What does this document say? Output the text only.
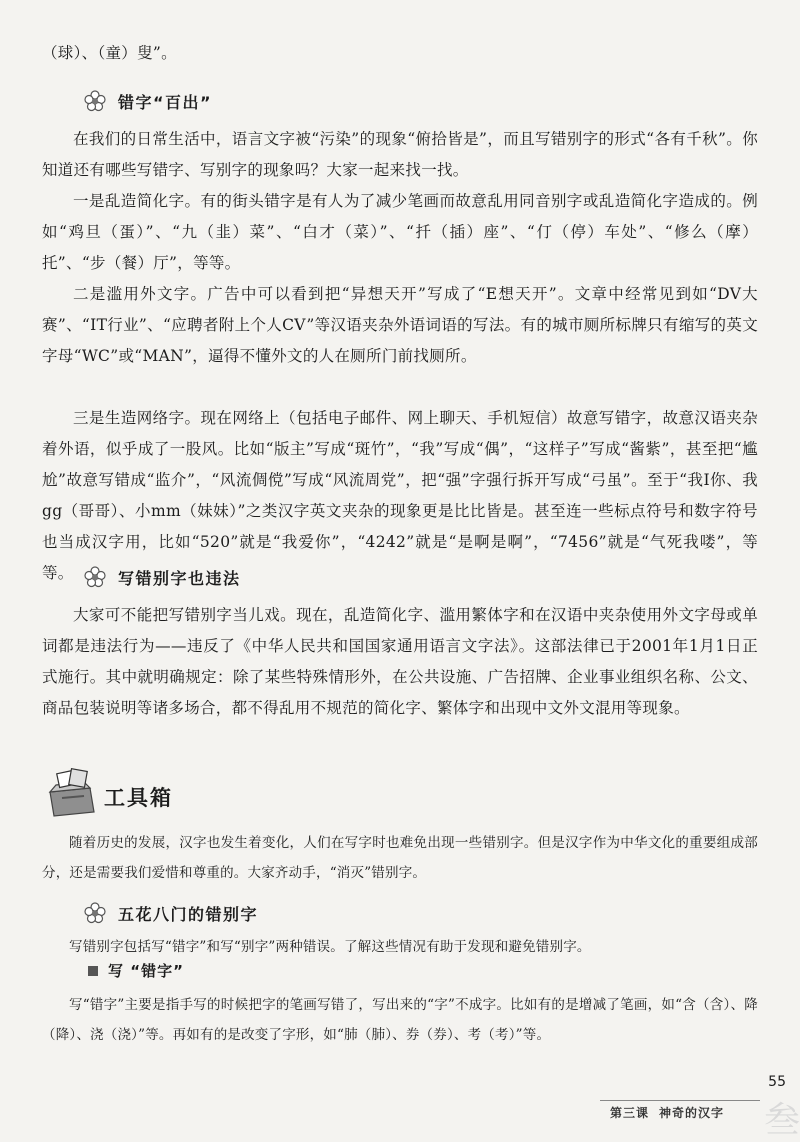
（球）、（童）叟”。

错字“百出”

在我们的日常生活中，语言文字被“污染”的现象“俯拾皆是”，而且写错别字的形式“各有千秋”。你知道还有哪些写错字、写别字的现象吗？大家一起来找一找。

一是乱造简化字。有的街头错字是有人为了减少笔画而故意乱用同音别字或乱造简化字造成的。例如“鸡旦（蛋）”、“九（韭）菜”、“白才（菜）”、“扦（插）座”、“仃（停）车处”、“修么（摩）托”、“步（餐）厅”，等等。

二是滥用外文字。广告中可以看到把“异想天开”写成了“E想天开”。文章中经常见到如“DV大赛”、“IT行业”、“应聘者附上个人CV”等汉语夹杂外语词语的写法。有的城市厕所标牌只有缩写的英文字母“WC”或“MAN”，逼得不懂外文的人在厕所门前找厕所。

三是生造网络字。现在网络上（包括电子邮件、网上聊天、手机短信）故意写错字，故意汉语夹杂着外语，似乎成了一股风。比如“版主”写成“斑竹”，“我”写成“偶”，“这样子”写成“酱紫”，甚至把“尴尬”故意写错成“监介”，“风流倜傥”写成“风流周党”，把“强”字强行拆开写成“弓虽”。至于“我I你、我gg（哥哥）、小mm（妹妹）”之类汉字英文夹杂的现象更是比比皆是。甚至连一些标点符号和数字符号也当成汉字用，比如“520”就是“我爱你”，“4242”就是“是啊是啊”，“7456”就是“气死我喽”，等等。	写错别字也违法

大家可不能把写错别字当儿戏。现在，乱造简化字、滥用繁体字和在汉语中夹杂使用外文字母或单词都是违法行为——违反了《中华人民共和国国家通用语言文字法》。这部法律已于2001年1月1日正式施行。其中就明确规定：除了某些特殊情形外，在公共设施、广告招牌、企业事业组织名称、公文、商品包装说明等诸多场合，都不得乱用不规范的简化字、繁体字和出现中文外文混用等现象。

工具箱

随着历史的发展，汉字也发生着变化，人们在写字时也难免出现一些错别字。但是汉字作为中华文化的重要组成部分，还是需要我们爱惜和尊重的。大家齐动手，“消灭”错别字。

五花八门的错别字

写错别字包括写“错字”和写“别字”两种错误。了解这些情况有助于发现和避免错别字。

写 “错字”

写“错字”主要是指手写的时候把字的笔画写错了，写出来的“字”不成字。比如有的是增减了笔画，如“含（含）、降（降）、浇（浇）”等。再如有的是改变了字形，如“肺（肺）、券（券）、考（考）”等。

55
第三课 神奇的汉字 叁
